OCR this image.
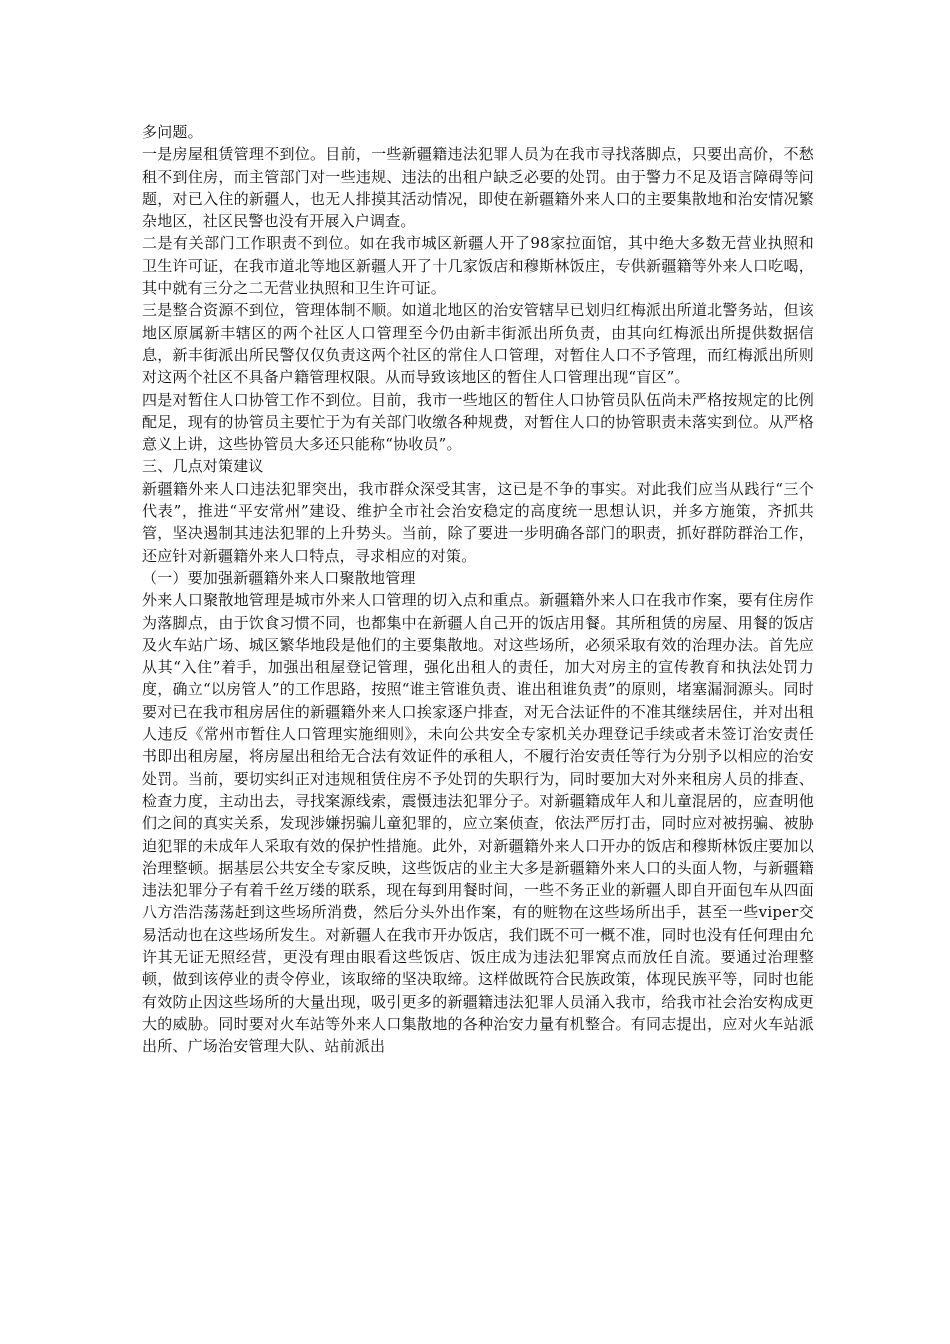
多问题。

一是房屋租赁管理不到位。目前，一些新疆籍违法犯罪人员为在我市寻找落脚点，只要出高价，不愁租不到住房，而主管部门对一些违规、违法的出租户缺乏必要的处罚。由于警力不足及语言障碍等问题，对已入住的新疆人，也无人排摸其活动情况，即使在新疆籍外来人口的主要集散地和治安情况繁杂地区，社区民警也没有开展入户调查。

二是有关部门工作职责不到位。如在我市城区新疆人开了98家拉面馆，其中绝大多数无营业执照和卫生许可证，在我市道北等地区新疆人开了十几家饭店和穆斯林饭庄，专供新疆籍等外来人口吃喝，其中就有三分之二无营业执照和卫生许可证。

三是整合资源不到位，管理体制不顺。如道北地区的治安管辖早已划归红梅派出所道北警务站，但该地区原属新丰辖区的两个社区人口管理至今仍由新丰街派出所负责，由其向红梅派出所提供数据信息，新丰街派出所民警仅仅负责这两个社区的常住人口管理，对暂住人口不予管理，而红梅派出所则对这两个社区不具备户籍管理权限。从而导致该地区的暂住人口管理出现“盲区”。

四是对暂住人口协管工作不到位。目前，我市一些地区的暂住人口协管员队伍尚未严格按规定的比例配足，现有的协管员主要忙于为有关部门收缴各种规费，对暂住人口的协管职责未落实到位。从严格意义上讲，这些协管员大多还只能称“协收员”。

三、几点对策建议

新疆籍外来人口违法犯罪突出，我市群众深受其害，这已是不争的事实。对此我们应当从践行“三个代表”，推进“平安常州”建设、维护全市社会治安稳定的高度统一思想认识，并多方施策，齐抓共管，坚决遏制其违法犯罪的上升势头。当前，除了要进一步明确各部门的职责，抓好群防群治工作，还应针对新疆籍外来人口特点，寻求相应的对策。

（一）要加强新疆籍外来人口聚散地管理

外来人口聚散地管理是城市外来人口管理的切入点和重点。新疆籍外来人口在我市作案，要有住房作为落脚点，由于饮食习惯不同，也都集中在新疆人自己开的饭店用餐。其所租赁的房屋、用餐的饭店及火车站广场、城区繁华地段是他们的主要集散地。对这些场所，必须采取有效的治理办法。首先应从其“入住”着手，加强出租屋登记管理，强化出租人的责任，加大对房主的宣传教育和执法处罚力度，确立“以房管人”的工作思路，按照“谁主管谁负责、谁出租谁负责”的原则，堵塞漏洞源头。同时要对已在我市租房居住的新疆籍外来人口挨家逐户排查，对无合法证件的不准其继续居住，并对出租人违反《常州市暂住人口管理实施细则》，未向公共安全专家机关办理登记手续或者未签订治安责任书即出租房屋，将房屋出租给无合法有效证件的承租人，不履行治安责任等行为分别予以相应的治安处罚。当前，要切实纠正对违规租赁住房不予处罚的失职行为，同时要加大对外来租房人员的排查、检查力度，主动出去，寻找案源线索，震慑违法犯罪分子。对新疆籍成年人和儿童混居的，应查明他们之间的真实关系，发现涉嫌拐骗儿童犯罪的，应立案侦查，依法严厉打击，同时应对被拐骗、被胁迫犯罪的未成年人采取有效的保护性措施。此外，对新疆籍外来人口开办的饭店和穆斯林饭庄要加以治理整顿。据基层公共安全专家反映，这些饭店的业主大多是新疆籍外来人口的头面人物，与新疆籍违法犯罪分子有着千丝万缕的联系，现在每到用餐时间，一些不务正业的新疆人即自开面包车从四面八方浩浩荡荡赶到这些场所消费，然后分头外出作案，有的赃物在这些场所出手，甚至一些viper交易活动也在这些场所发生。对新疆人在我市开办饭店，我们既不可一概不准，同时也没有任何理由允许其无证无照经营，更没有理由眼看这些饭店、饭庄成为违法犯罪窝点而放任自流。要通过治理整顿，做到该停业的责令停业，该取缔的坚决取缔。这样做既符合民族政策，体现民族平等，同时也能有效防止因这些场所的大量出现，吸引更多的新疆籍违法犯罪人员涌入我市，给我市社会治安构成更大的威胁。同时要对火车站等外来人口集散地的各种治安力量有机整合。有同志提出，应对火车站派出所、广场治安管理大队、站前派出
